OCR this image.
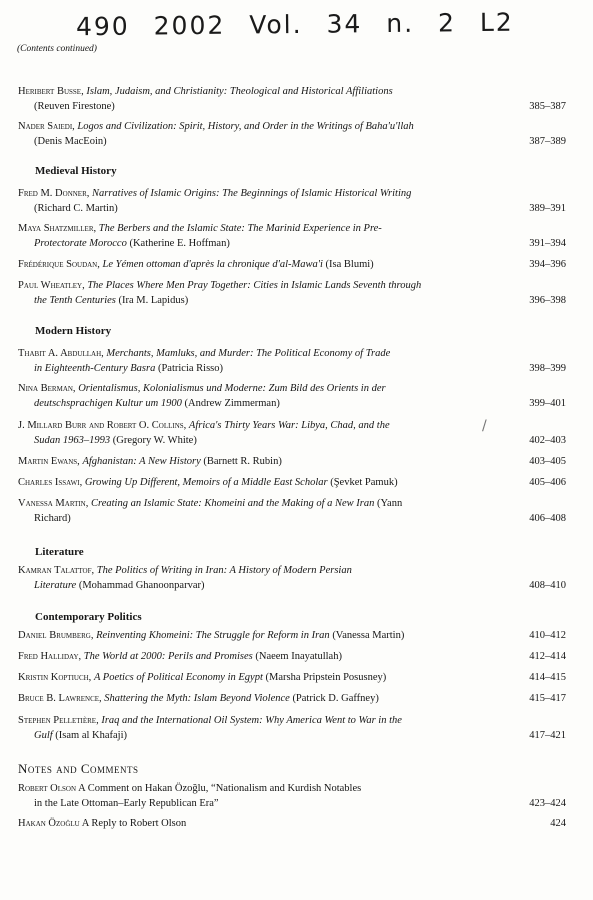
490 2002 Vol. 34 n. 2 L2
(Contents continued)
/
Heribert Busse, Islam, Judaism, and Christianity: Theological and Historical Affiliations
(Reuven Firestone)	385–387
Nader Saiedi, Logos and Civilization: Spirit, History, and Order in the Writings of Baha'u'llah
(Denis MacEoin)	387–389
Medieval History
Fred M. Donner, Narratives of Islamic Origins: The Beginnings of Islamic Historical Writing
(Richard C. Martin)	389–391
Maya Shatzmiller, The Berbers and the Islamic State: The Marinid Experience in Pre-
Protectorate Morocco (Katherine E. Hoffman)	391–394
Frédérique Soudan, Le Yémen ottoman d'après la chronique d'al-Mawa'i (Isa Blumi)	394–396
Paul Wheatley, The Places Where Men Pray Together: Cities in Islamic Lands Seventh through
the Tenth Centuries (Ira M. Lapidus)	396–398
Modern History
Thabit A. Abdullah, Merchants, Mamluks, and Murder: The Political Economy of Trade
in Eighteenth-Century Basra (Patricia Risso)	398–399
Nina Berman, Orientalismus, Kolonialismus und Moderne: Zum Bild des Orients in der
deutschsprachigen Kultur um 1900 (Andrew Zimmerman)	399–401
J. Millard Burr and Robert O. Collins, Africa's Thirty Years War: Libya, Chad, and the
Sudan 1963–1993 (Gregory W. White)	402–403
Martin Ewans, Afghanistan: A New History (Barnett R. Rubin)	403–405
Charles Issawi, Growing Up Different, Memoirs of a Middle East Scholar (Şevket Pamuk)	405–406
Vanessa Martin, Creating an Islamic State: Khomeini and the Making of a New Iran (Yann
Richard)	406–408
Literature
Kamran Talattof, The Politics of Writing in Iran: A History of Modern Persian
Literature (Mohammad Ghanoonparvar)	408–410
Contemporary Politics
Daniel Brumberg, Reinventing Khomeini: The Struggle for Reform in Iran (Vanessa Martin)	410–412
Fred Halliday, The World at 2000: Perils and Promises (Naeem Inayatullah)	412–414
Kristin Koptiuch, A Poetics of Political Economy in Egypt (Marsha Pripstein Posusney)	414–415
Bruce B. Lawrence, Shattering the Myth: Islam Beyond Violence (Patrick D. Gaffney)	415–417
Stephen Pelletière, Iraq and the International Oil System: Why America Went to War in the
Gulf (Isam al Khafaji)	417–421
Notes and Comments
Robert Olson A Comment on Hakan Özoğlu, “Nationalism and Kurdish Notables
in the Late Ottoman–Early Republican Era”	423–424
Hakan Özoğlu A Reply to Robert Olson	424
